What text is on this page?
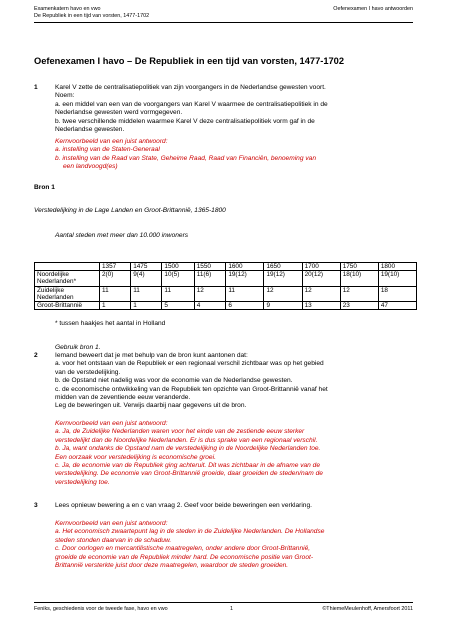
Examenkatern havo en vwo
De Republiek in een tijd van vorsten, 1477-1702
Oefenexamen I havo antwoorden
Oefenexamen I havo – De Republiek in een tijd van vorsten, 1477-1702
1	Karel V zette de centralisatiepolitiek van zijn voorgangers in de Nederlandse gewesten voort.
Noem:
a. een middel van een van de voorgangers van Karel V waarmee de centralisatiepolitiek in de
Nederlandse gewesten werd vormgegeven.
b. twee verschillende middelen waarmee Karel V deze centralisatiepolitiek vorm gaf in de
Nederlandse gewesten.
Kernvoorbeeld van een juist antwoord:
a. instelling van de Staten-Generaal
b. instelling van de Raad van State, Geheime Raad, Raad van Financiën, benoeming van
een landvoogd(es)
Bron 1
Verstedelijking in de Lage Landen en Groot-Brittannië, 1365-1800
Aantal steden met meer dan 10.000 inwoners
	1357	1475	1500	1550	1600	1650	1700	1750	1800

Noordelijke
Nederlanden*	2(0)	9(4)	10(5)	11(6)	19(12)	19(12)	20(12)	18(10)	19(10)

Zuidelijke
Nederlanden	11	11	11	12	11	12	12	12	18
Groot-Brittannië	1	1	5	4	6	9	13	23	47
* tussen haakjes het aantal in Holland
Gebruik bron 1.
2	Iemand beweert dat je met behulp van de bron kunt aantonen dat:
a. voor het ontstaan van de Republiek er een regionaal verschil zichtbaar was op het gebied
van de verstedelijking.
b. de Opstand niet nadelig was voor de economie van de Nederlandse gewesten.
c. de economische ontwikkeling van de Republiek ten opzichte van Groot-Brittannië vanaf het
midden van de zeventiende eeuw veranderde.
Leg de beweringen uit. Verwijs daarbij naar gegevens uit de bron.
Kernvoorbeeld van een juist antwoord:
a. Ja, de Zuidelijke Nederlanden waren voor het einde van de zestiende eeuw sterker
verstedelijkt dan de Noordelijke Nederlanden. Er is dus sprake van een regionaal verschil.
b. Ja, want ondanks de Opstand nam de verstedelijking in de Noordelijke Nederlanden toe.
Een oorzaak voor verstedelijking is economische groei.
c. Ja, de economie van de Republiek ging achteruit. Dit was zichtbaar in de afname van de
verstedelijking. De economie van Groot-Brittannië groeide, daar groeiden de steden/nam de
verstedelijking toe.
3	Lees opnieuw bewering a en c van vraag 2. Geef voor beide beweringen een verklaring.
Kernvoorbeeld van een juist antwoord:
a. Het economisch zwaartepunt lag in de steden in de Zuidelijke Nederlanden. De Hollandse
steden stonden daarvan in de schaduw.
c. Door oorlogen en mercantilistische maatregelen, onder andere door Groot-Brittannië,
groeide de economie van de Republiek minder hard. De economische positie van Groot-
Brittannië versterkte juist door deze maatregelen, waardoor de steden groeiden.
Feniks, geschiedenis voor de tweede fase, havo en vwo	1	©ThiemeMeulenhoff, Amersfoort 2011
